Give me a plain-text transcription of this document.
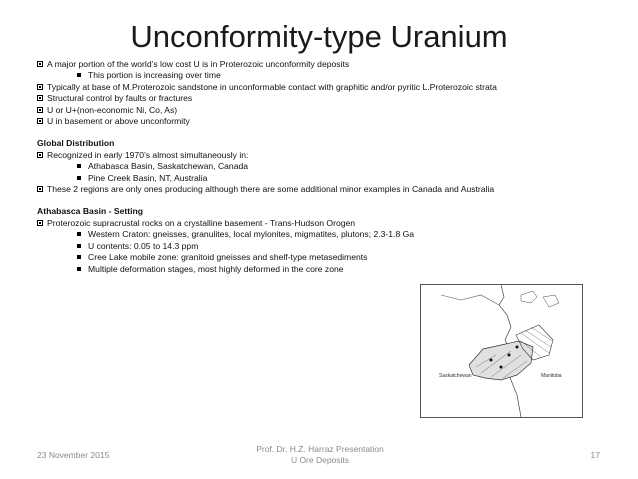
Unconformity-type Uranium
A major portion of the world’s low cost U is in Proterozoic unconformity deposits
This portion is increasing over time
Typically at base of M.Proterozoic sandstone in unconformable contact with graphitic and/or pyritic L.Proterozoic strata
Structural control by faults or fractures
U or U+(non-economic Ni, Co, As)
U in basement or above unconformity
Global Distribution
Recognized in early 1970’s almost simultaneously in:
Athabasca Basin, Saskatchewan, Canada
Pine Creek Basin, NT, Australia
These 2 regions are only ones producing although there are some additional minor examples in Canada and Australia
Athabasca Basin - Setting
Proterozoic supracrustal rocks on a crystalline basement - Trans-Hudson Orogen
Western Craton: gneisses, granulites, local mylonites, migmatites, plutons; 2.3-1.8 Ga
U contents: 0.05 to 14.3 ppm
Cree Lake mobile zone: granitoid gneisses and shelf-type metasediments
Multiple deformation stages, most highly deformed in the core zone
Saskatchewan	Manitoba
23 November 2015
Prof. Dr. H.Z. Harraz Presentation
U Ore Deposits	17
